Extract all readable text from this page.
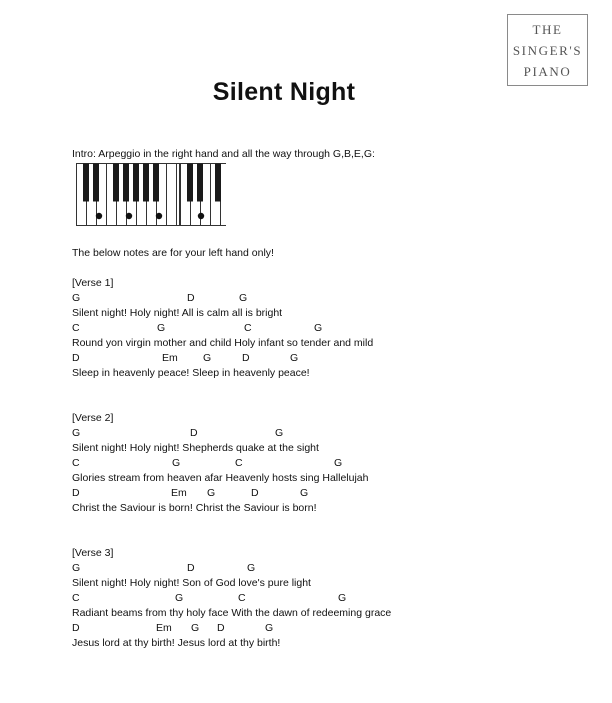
THE
SINGER'S
PIANO
Silent Night
Intro: Arpeggio in the right hand and all the way through G,B,E,G:
The below notes are for your left hand only!
[Verse 1]
G	D	G
Silent night! Holy night! All is calm all is bright
C	G	C	G
Round yon virgin mother and child Holy infant so tender and mild
D	Em G	D	G
Sleep in heavenly peace! Sleep in heavenly peace!
[Verse 2]
G	D	G
Silent night! Holy night! Shepherds quake at the sight
C	G	C	G
Glories stream from heaven afar Heavenly hosts sing Hallelujah
D	Em G	D	G
Christ the Saviour is born! Christ the Saviour is born!
[Verse 3]
G	D	G
Silent night! Holy night! Son of God love's pure light
C	G	C	G
Radiant beams from thy holy face With the dawn of redeeming grace
D	Em G D	G
Jesus lord at thy birth! Jesus lord at thy birth!
